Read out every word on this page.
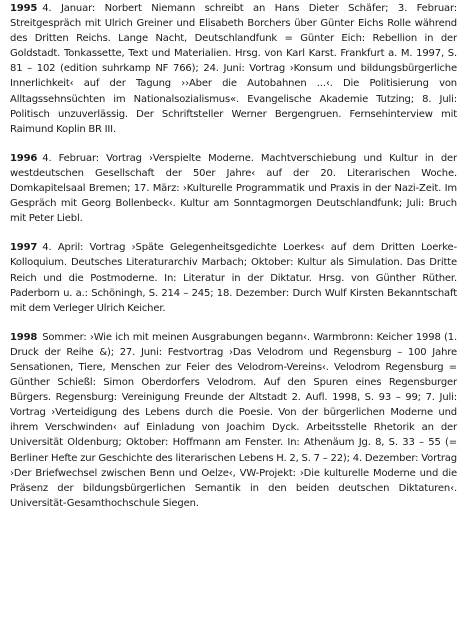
1995 4. Januar: Norbert Niemann schreibt an Hans Dieter Schäfer; 3. Februar: Streitgespräch mit Ulrich Greiner und Elisabeth Borchers über Günter Eichs Rolle während des Dritten Reichs. Lange Nacht, Deutschlandfunk = Günter Eich: Rebellion in der Goldstadt. Tonkassette, Text und Materialien. Hrsg. von Karl Karst. Frankfurt a. M. 1997, S. 81 – 102 (edition suhrkamp NF 766); 24. Juni: Vortrag ›Konsum und bildungsbürgerliche Innerlichkeit‹ auf der Tagung ››Aber die Autobahnen ...‹. Die Politisierung von Alltagssehnsüchten im Nationalsozialismus«. Evangelische Akademie Tutzing; 8. Juli: Politisch unzuverlässig. Der Schriftsteller Werner Bergengruen. Fernsehinterview mit Raimund Koplin BR III.

1996 4. Februar: Vortrag ›Verspielte Moderne. Machtverschiebung und Kultur in der westdeutschen Gesellschaft der 50er Jahre‹ auf der 20. Literarischen Woche. Domkapitelsaal Bremen; 17. März: ›Kulturelle Programmatik und Praxis in der Nazi-Zeit. Im Gespräch mit Georg Bollenbeck‹. Kultur am Sonntagmorgen Deutschlandfunk; Juli: Bruch mit Peter Liebl.

1997 4. April: Vortrag ›Späte Gelegenheitsgedichte Loerkes‹ auf dem Dritten Loerke-Kolloquium. Deutsches Literaturarchiv Marbach; Oktober: Kultur als Simulation. Das Dritte Reich und die Postmoderne. In: Literatur in der Diktatur. Hrsg. von Günther Rüther. Paderborn u. a.: Schöningh, S. 214 – 245; 18. Dezember: Durch Wulf Kirsten Bekanntschaft mit dem Verleger Ulrich Keicher.

1998 Sommer: ›Wie ich mit meinen Ausgrabungen begann‹. Warmbronn: Keicher 1998 (1. Druck der Reihe &); 27. Juni: Festvortrag ›Das Velodrom und Regensburg – 100 Jahre Sensationen, Tiere, Menschen zur Feier des Velodrom-Vereins‹. Velodrom Regensburg = Günther Schießl: Simon Oberdorfers Velodrom. Auf den Spuren eines Regensburger Bürgers. Regensburg: Vereinigung Freunde der Altstadt 2. Aufl. 1998, S. 93 – 99; 7. Juli: Vortrag ›Verteidigung des Lebens durch die Poesie. Von der bürgerlichen Moderne und ihrem Verschwinden‹ auf Einladung von Joachim Dyck. Arbeitsstelle Rhetorik an der Universität Oldenburg; Oktober: Hoffmann am Fenster. In: Athenäum Jg. 8, S. 33 – 55 (= Berliner Hefte zur Geschichte des literarischen Lebens H. 2, S. 7 – 22); 4. Dezember: Vortrag ›Der Briefwechsel zwischen Benn und Oelze‹, VW-Projekt: ›Die kulturelle Moderne und die Präsenz der bildungsbürgerlichen Semantik in den beiden deutschen Diktaturen‹. Universität-Gesamthochschule Siegen.
